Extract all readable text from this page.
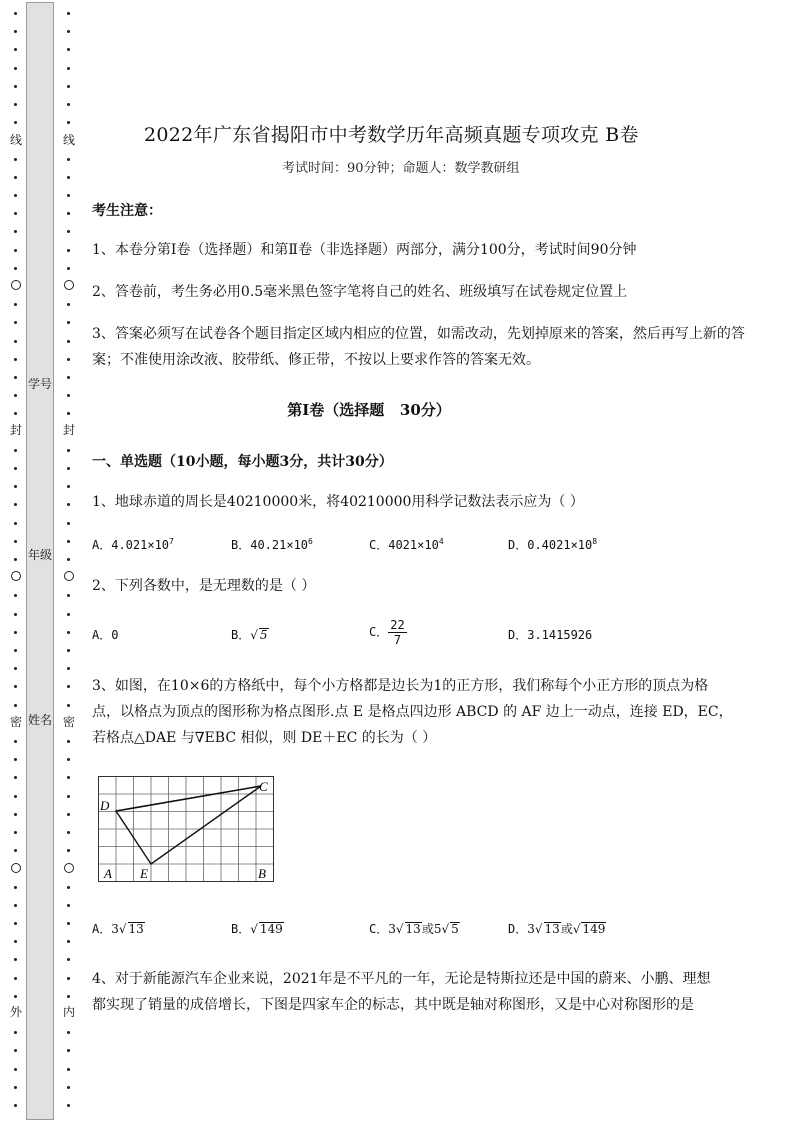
线
封
密
外
学号
年级
姓名
线
封
密
内
2022年广东省揭阳市中考数学历年高频真题专项攻克 B卷
考试时间：90分钟；命题人：数学教研组
考生注意：
1、本卷分第Ⅰ卷（选择题）和第Ⅱ卷（非选择题）两部分，满分100分，考试时间90分钟
2、答卷前，考生务必用0.5毫米黑色签字笔将自己的姓名、班级填写在试卷规定位置上
3、答案必须写在试卷各个题目指定区域内相应的位置，如需改动，先划掉原来的答案，然后再写上新的答案；不准使用涂改液、胶带纸、修正带，不按以上要求作答的答案无效。
第Ⅰ卷（选择题   30分）
一、单选题（10小题，每小题3分，共计30分）
1、地球赤道的周长是40210000米，将40210000用科学记数法表示应为（ ）
A．$4.021\times 10^7$	B．$40.21\times 10^6$	C．$4021\times 10^4$	D．$0.4021\times 10^8$
2、下列各数中，是无理数的是（ ）
A．0	B．√ 5	C． $\frac{22}{7}$	D．3.1415926
3、如图，在10×6的方格纸中，每个小方格都是边长为1的正方形，我们称每个小正方形的顶点为格
点，以格点为顶点的图形称为格点图形.点 E 是格点四边形 ABCD 的 AF 边上一动点，连接 ED，EC，
若格点△DAE 与∇EBC 相似，则 DE＋EC 的长为（ ）
D
C
A E	B
A．3√ 13	B．√ 149	C．3√ 13或5√ 5	D．3√ 13或√ 149
4、对于新能源汽车企业来说，2021年是不平凡的一年，无论是特斯拉还是中国的蔚来、小鹏、理想
都实现了销量的成倍增长，下图是四家车企的标志，其中既是轴对称图形，又是中心对称图形的是
